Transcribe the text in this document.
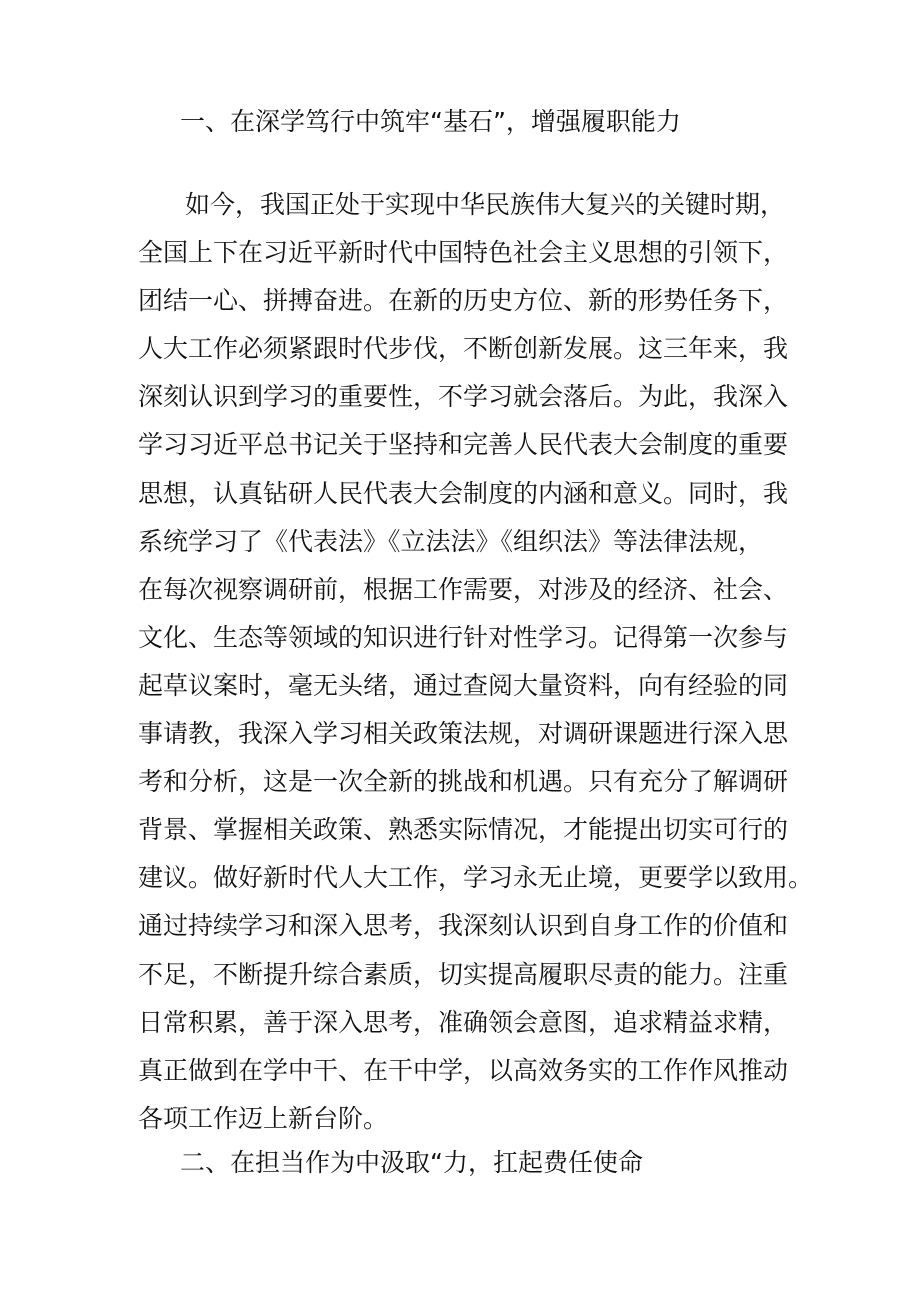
一、在深学笃行中筑牢“基石”，增强履职能力

如今，我国正处于实现中华民族伟大复兴的关键时期，
全国上下在习近平新时代中国特色社会主义思想的引领下，
团结一心、拼搏奋进。在新的历史方位、新的形势任务下，
人大工作必须紧跟时代步伐，不断创新发展。这三年来，我
深刻认识到学习的重要性，不学习就会落后。为此，我深入
学习习近平总书记关于坚持和完善人民代表大会制度的重要
思想，认真钻研人民代表大会制度的内涵和意义。同时，我
系统学习了《代表法》《立法法》《组织法》等法律法规，
在每次视察调研前，根据工作需要，对涉及的经济、社会、
文化、生态等领域的知识进行针对性学习。记得第一次参与
起草议案时，毫无头绪，通过查阅大量资料，向有经验的同
事请教，我深入学习相关政策法规，对调研课题进行深入思
考和分析，这是一次全新的挑战和机遇。只有充分了解调研
背景、掌握相关政策、熟悉实际情况，才能提出切实可行的
建议。做好新时代人大工作，学习永无止境，更要学以致用。
通过持续学习和深入思考，我深刻认识到自身工作的价值和
不足，不断提升综合素质，切实提高履职尽责的能力。注重
日常积累，善于深入思考，准确领会意图，追求精益求精，
真正做到在学中干、在干中学，以高效务实的工作作风推动
各项工作迈上新台阶。

二、在担当作为中汲取“力，扛起费任使命
